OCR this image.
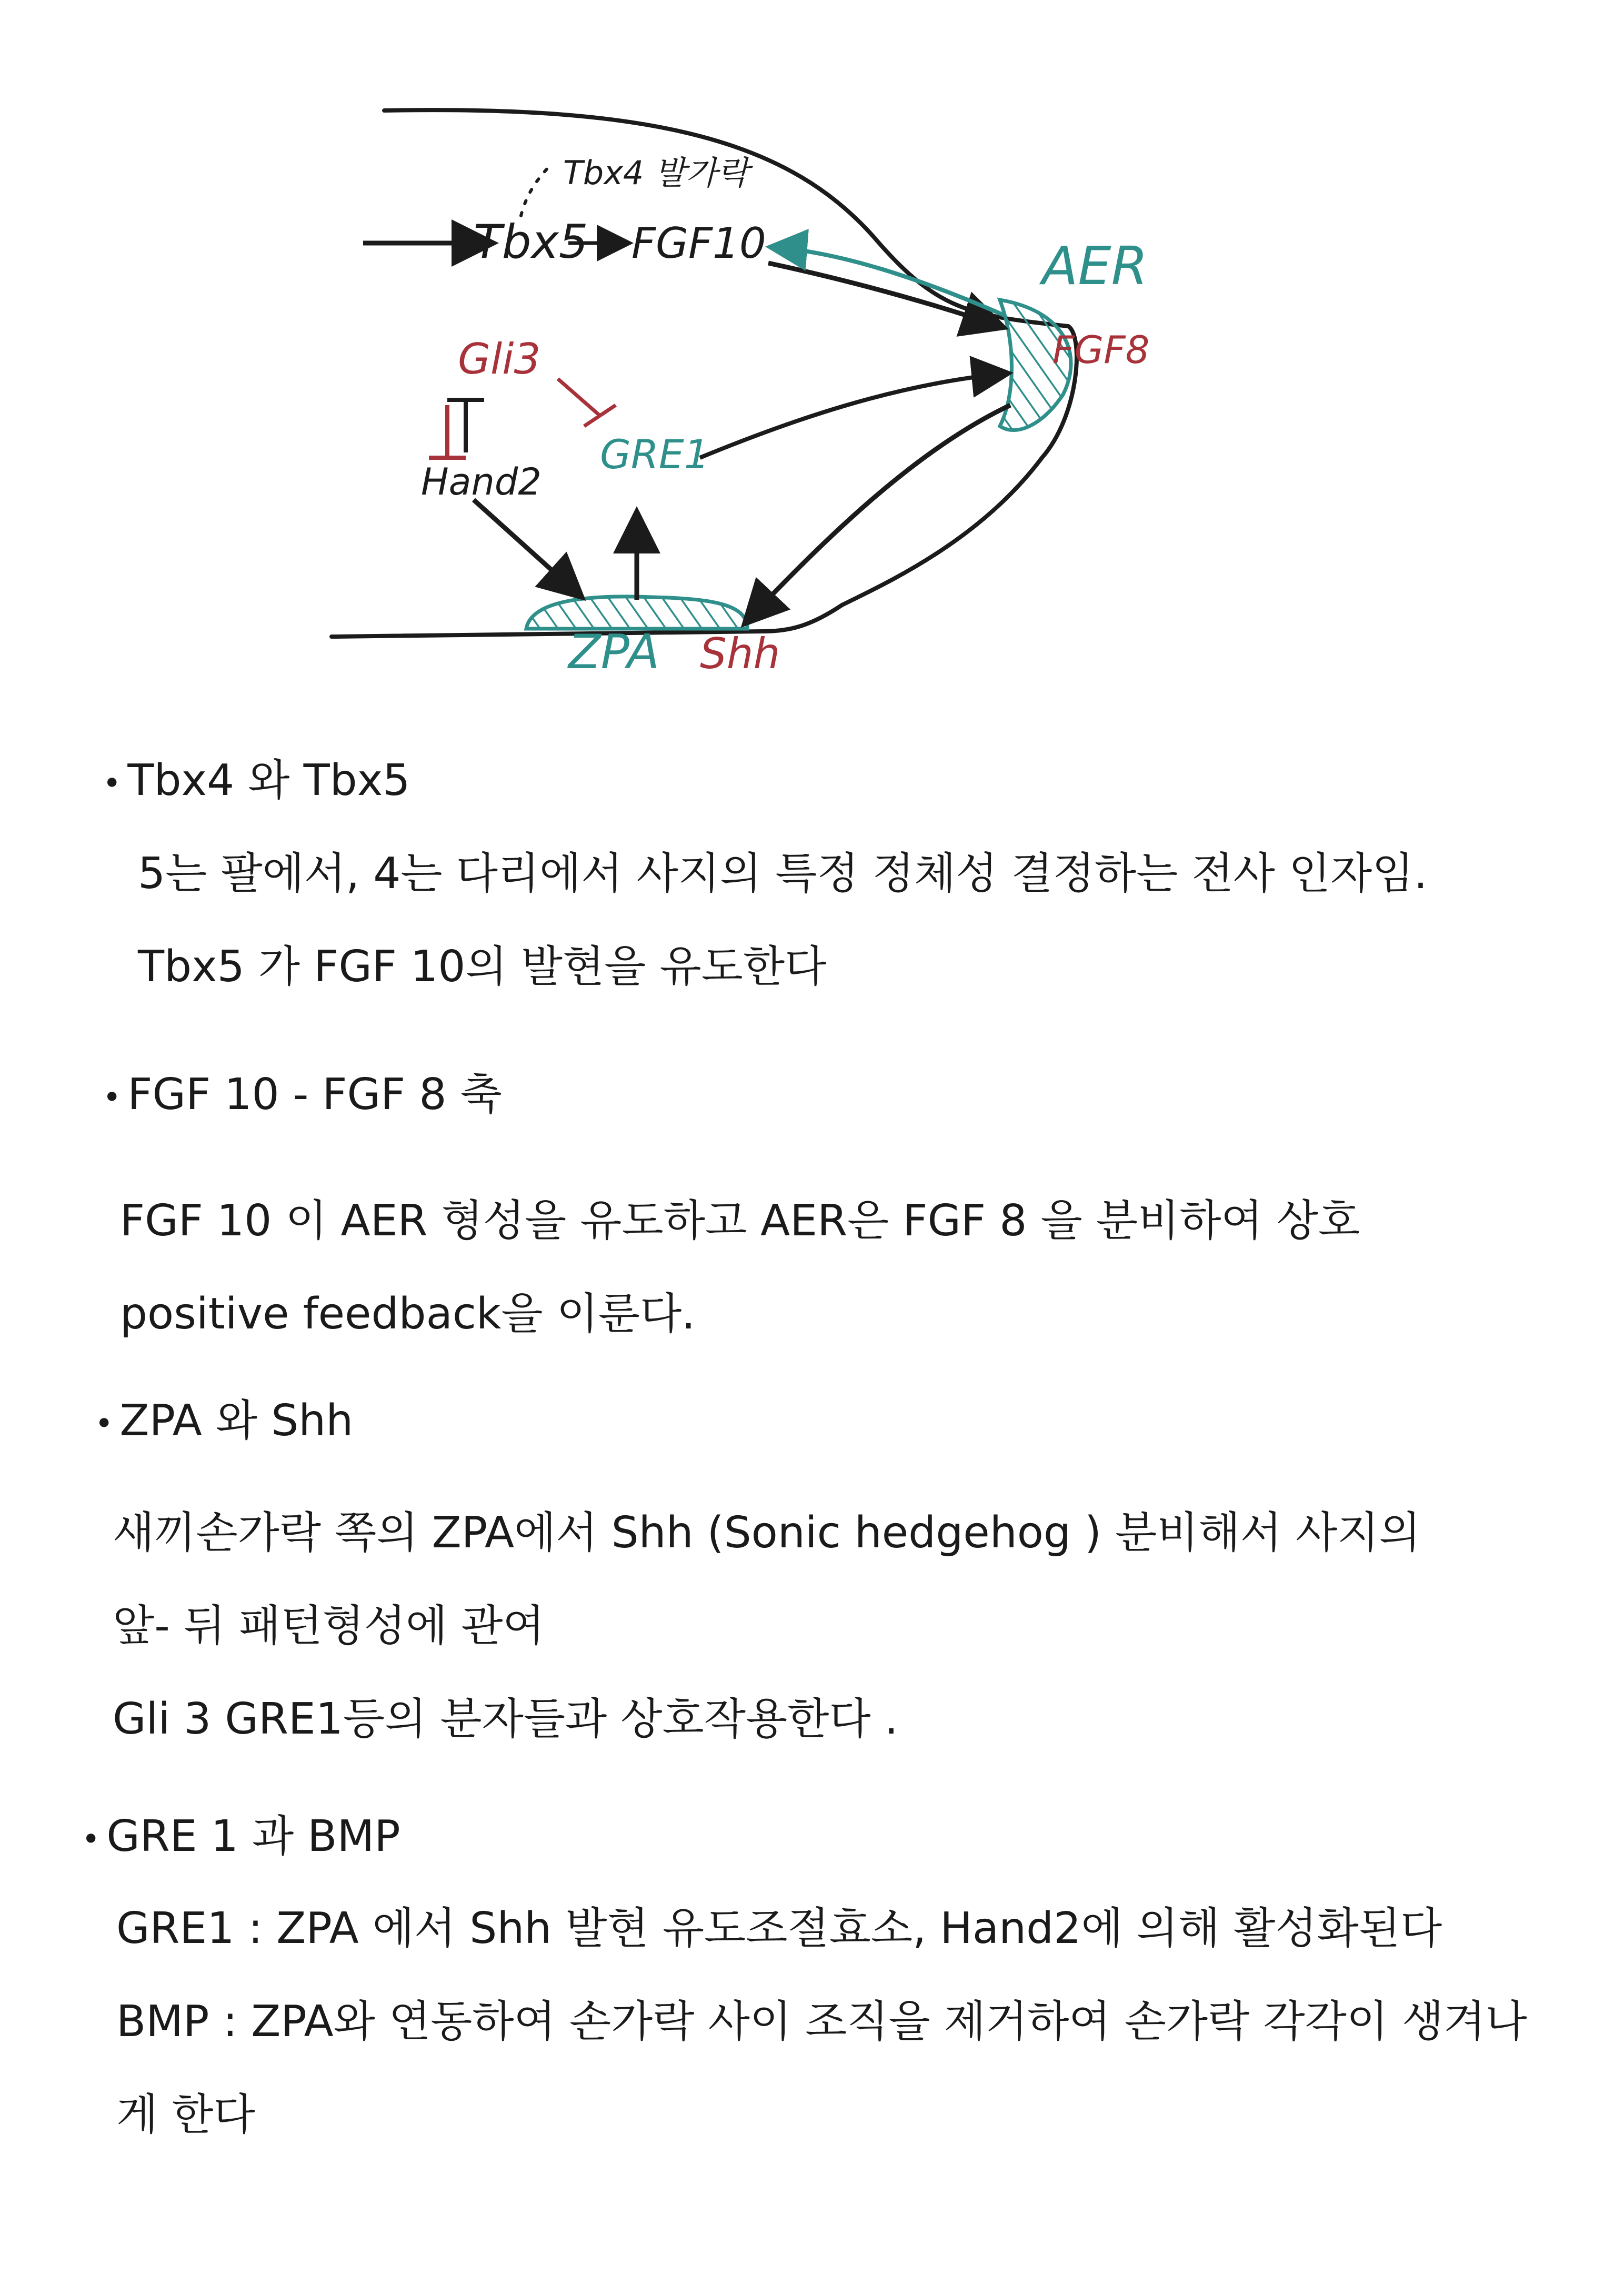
Tbx4 발가락
Tbx5 FGF10	AER
FGF8
Gli3
Hand2
GRE1
ZPA Shh
• Tbx4 와 Tbx5
5는 팔에서, 4는 다리에서 사지의 특정 정체성 결정하는 전사 인자임.
Tbx5 가 FGF 10의 발현을 유도한다
• FGF 10 - FGF 8 축
FGF 10 이 AER 형성을 유도하고 AER은 FGF 8 을 분비하여 상호
positive feedback을 이룬다.
• ZPA 와 Shh
새끼손가락 쪽의 ZPA에서 Shh (Sonic hedgehog ) 분비해서 사지의
앞- 뒤 패턴형성에 관여
Gli 3 GRE1등의 분자들과 상호작용한다 .
• GRE 1 과 BMP
GRE1 : ZPA 에서 Shh 발현 유도조절효소, Hand2에 의해 활성화된다
BMP : ZPA와 연동하여 손가락 사이 조직을 제거하여 손가락 각각이 생겨나
게 한다
